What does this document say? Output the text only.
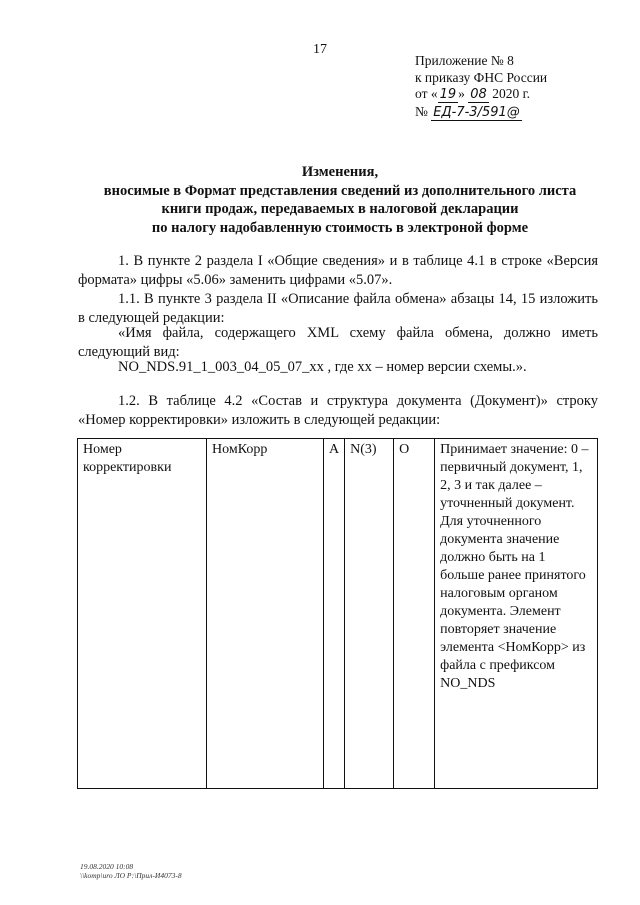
17
Приложение № 8
к приказу ФНС России
от « 19 » 08 2020 г.
№ ЕД-7-3/591@
Изменения,
вносимые в Формат представления сведений из дополнительного листа
книги продаж, передаваемых в налоговой декларации
по налогу надобавленную стоимость в электроной форме
1. В пункте 2 раздела I «Общие сведения» и в таблице 4.1 в строке «Версия формата» цифры «5.06» заменить цифрами «5.07».
1.1. В пункте 3 раздела II «Описание файла обмена» абзацы 14, 15 изложить в следующей редакции:
«Имя файла, содержащего XML схему файла обмена, должно иметь следующий вид:
NO_NDS.91_1_003_04_05_07_xx , где xx – номер версии схемы.».
1.2. В таблице 4.2 «Состав и структура документа (Документ)» строку «Номер корректировки» изложить в следующей редакции:
Номер корректировки	НомКорр	А	N(3)	О	Принимает значение: 0 – первичный документ, 1, 2, 3 и так далее – уточненный документ. Для уточненного документа значение должно быть на 1 больше ранее принятого налоговым органом документа. Элемент повторяет значение элемента <НомКорр> из файла с префиксом NO_NDS
19.08.2020 10:08
\\komp\uro ЛО Р:\Прил-И4073-8
